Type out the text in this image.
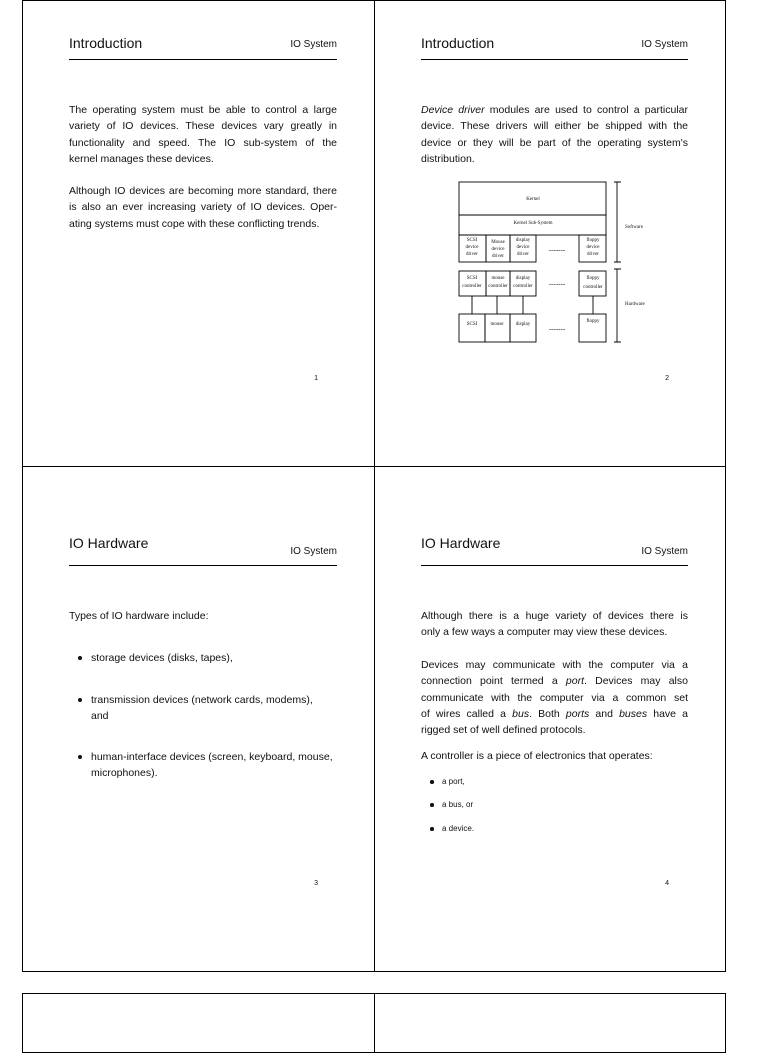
Introduction	IO System

The operating system must be able to control a large
variety of IO devices. These devices vary greatly in
functionality and speed. The IO sub-system of the
kernel manages these devices.

Although IO devices are becoming more standard, there
is also an ever increasing variety of IO devices. Oper-
ating systems must cope with these conflicting trends.

1
Introduction	IO System

Device driver modules are used to control a particular
device. These drivers will either be shipped with the
device or they will be part of the operating system's
distribution.

Kernel
Kernel Sub-System
SCSI
device
driver
Mouse
device
driver
display
device
driver
floppy
device
driver
SCSI
controller
mouse
controller
display
controller
floppy
controller
SCSI	mouse display
floppy
-------
-------
-------
Software
Hardware
2
IO Hardware
IO System

Types of IO hardware include:

storage devices (disks, tapes),
transmission devices (network cards, modems),
and
human-interface devices (screen, keyboard, mouse,
microphones).
3
IO Hardware
IO System

Although there is a huge variety of devices there is
only a few ways a computer may view these devices.

Devices may communicate with the computer via a
connection point termed a port. Devices may also
communicate with the computer via a common set
of wires called a bus. Both ports and buses have a
rigged set of well defined protocols.

A controller is a piece of electronics that operates:

a port,
a bus, or
a device.
4
